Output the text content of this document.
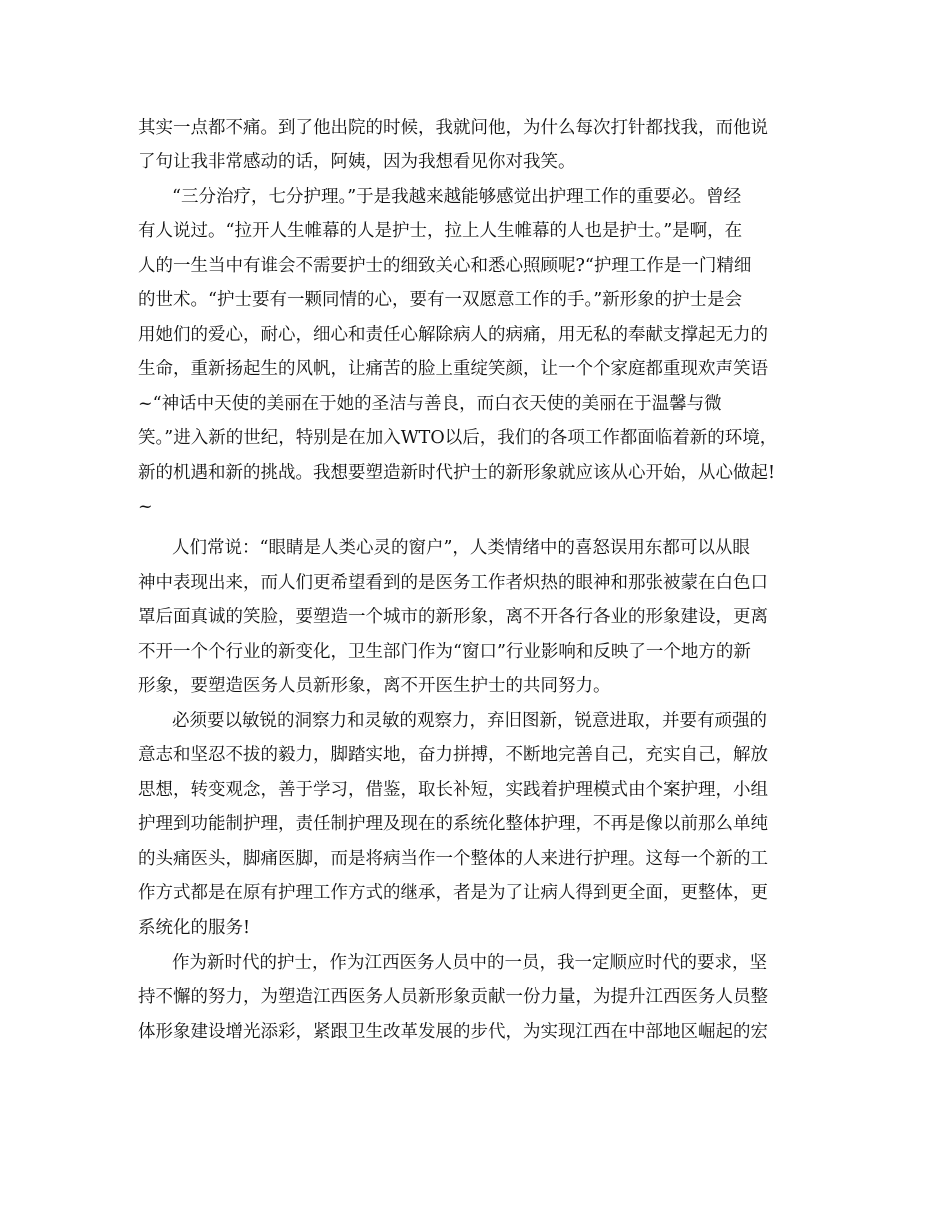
其实一点都不痛。到了他出院的时候，我就问他，为什么每次打针都找我，而他说
了句让我非常感动的话，阿姨，因为我想看见你对我笑。
“三分治疗，七分护理。”于是我越来越能够感觉出护理工作的重要必。曾经
有人说过。“拉开人生帷幕的人是护士，拉上人生帷幕的人也是护士。”是啊，在
人的一生当中有谁会不需要护士的细致关心和悉心照顾呢?“护理工作是一门精细
的世术。“护士要有一颗同情的心，要有一双愿意工作的手。”新形象的护士是会
用她们的爱心，耐心，细心和责任心解除病人的病痛，用无私的奉献支撑起无力的
生命，重新扬起生的风帆，让痛苦的脸上重绽笑颜，让一个个家庭都重现欢声笑语
~“神话中天使的美丽在于她的圣洁与善良，而白衣天使的美丽在于温馨与微
笑。”进入新的世纪，特别是在加入WTO以后，我们的各项工作都面临着新的环境，
新的机遇和新的挑战。我想要塑造新时代护士的新形象就应该从心开始，从心做起!
~
人们常说：“眼睛是人类心灵的窗户”，人类情绪中的喜怒误用东都可以从眼
神中表现出来，而人们更希望看到的是医务工作者炽热的眼神和那张被蒙在白色口
罩后面真诚的笑脸，要塑造一个城市的新形象，离不开各行各业的形象建设，更离
不开一个个行业的新变化，卫生部门作为“窗口”行业影响和反映了一个地方的新
形象，要塑造医务人员新形象，离不开医生护士的共同努力。
必须要以敏锐的洞察力和灵敏的观察力，弃旧图新，锐意进取，并要有顽强的
意志和坚忍不拔的毅力，脚踏实地，奋力拼搏，不断地完善自己，充实自己，解放
思想，转变观念，善于学习，借鉴，取长补短，实践着护理模式由个案护理，小组
护理到功能制护理，责任制护理及现在的系统化整体护理，不再是像以前那么单纯
的头痛医头，脚痛医脚，而是将病当作一个整体的人来进行护理。这每一个新的工
作方式都是在原有护理工作方式的继承，者是为了让病人得到更全面，更整体，更
系统化的服务!
作为新时代的护士，作为江西医务人员中的一员，我一定顺应时代的要求，坚
持不懈的努力，为塑造江西医务人员新形象贡献一份力量，为提升江西医务人员整
体形象建设增光添彩，紧跟卫生改革发展的步代，为实现江西在中部地区崛起的宏
